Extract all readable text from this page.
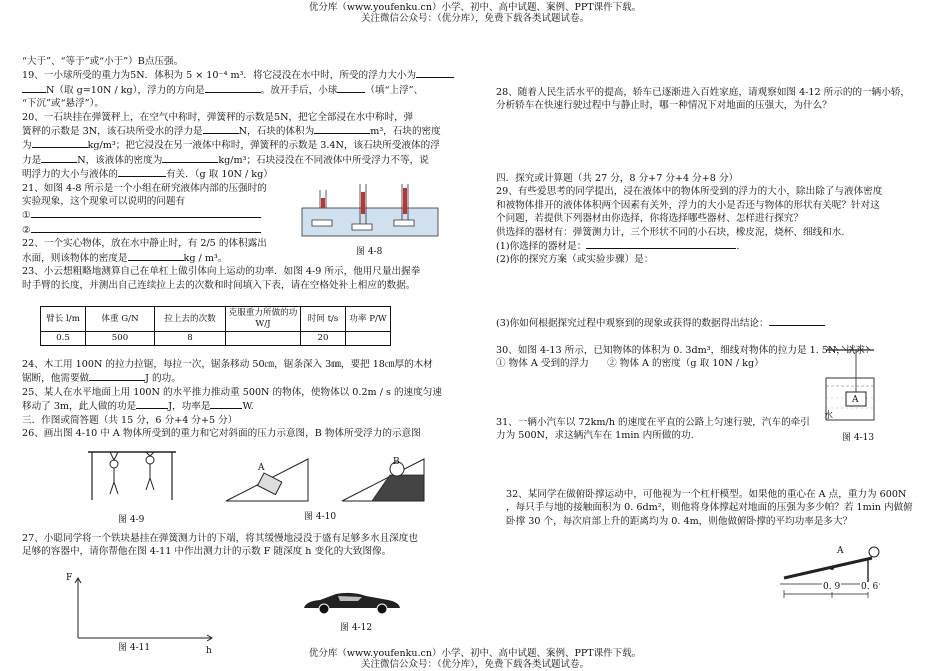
优分库（www.youfenku.cn）小学、初中、高中试题、案例、PPT课件下载。
关注微信公众号：（优分库），免费下载各类试题试卷。

“大于”、“等于”或“小于”）B点压强。

19、一小球所受的重力为5N．体积为 5 × 10⁻⁴ m³．将它浸没在水中时，所受的浮力大小为

N（取 g=10N / kg），浮力的方向是	。放开手后，小球	（填“上浮”、

“下沉”或“悬浮”）。

20、一石块挂在弹簧秤上，在空气中称时，弹簧秤的示数是5N，把它全部浸在水中称时，弹

簧秤的示数是 3N，该石块所受水的浮力是	N，石块的体积为	m³，石块的密度

为	kg/m³；把它浸没在另一液体中称时，弹簧秤的示数是 3.4N，该石块所受液体的浮

力是	N，该液体的密度为	kg/m³；石块浸没在不同液体中所受浮力不等，说

明浮力的大小与液体的	有关．（g 取 10N / kg）

21、如图 4-8 所示是一个小组在研究液体内部的压强时的

实验现象，这个现象可以说明的问题有

①

②

22、一个实心物体，放在水中静止时，有 2/5 的体积露出

水面，则该物体的密度是	kg / m³。

23、小云想粗略地测算自己在单杠上做引体向上运动的功率．如图 4-9 所示，他用尺量出握拳

时手臂的长度，并测出自己连续拉上去的次数和时间填入下表，请在空格处补上相应的数据。

图 4-8
臂长 l/m	体重 G/N	拉上去的次数	克服重力所做的功 W/J	时间 t/s	功率 P/W
0.5	500	8		20	

24、木工用 100N 的拉力拉锯，每拉一次，锯条移动 50㎝，锯条深入 3㎜，要把 18㎝厚的木材

锯断，他需要做	J 的功。

25、某人在水平地面上用 100N 的水平推力推动重 500N 的物体，使物体以 0.2m / s 的速度匀速

移动了 3m，此人做的功是	J，功率是	W.

三．作图或简答题（共 15 分，6 分+4 分+5 分）

26、画出图 4-10 中 A 物体所受到的重力和它对斜面的压力示意图，B 物体所受浮力的示意图

图 4-9
A
B
图 4-10

27、小聪同学将一个铁块悬挂在弹簧测力计的下端，将其缓慢地浸没于盛有足够多水且深度也

足够的容器中，请你帮他在图 4-11 中作出测力计的示数 F 随深度 h 变化的大致图像。

F
h
图 4-11
图 4-12

28、随着人民生活水平的提高，轿车已逐渐进入百姓家庭，请观察如图 4-12 所示的的一辆小轿，

分析轿车在快速行驶过程中与静止时，哪一种情况下对地面的压强大，为什么？

四．探究或计算题（共 27 分，8 分+7 分+4 分+8 分）

29、有些爱思考的同学提出，浸在液体中的物体所受到的浮力的大小，除出除了与液体密度

和被物体排开的液体体积两个因素有关外，浮力的大小是否还与物体的形状有关呢？针对这

个问题，若提供下列器材由你选择，你将选择哪些器材、怎样进行探究？

供选择的器材有：弹簧测力计，三个形状不同的小石块，橡皮泥，烧杯、细线和水.

(1)你选择的器材是：	.

(2)你的探究方案（或实验步骤）是：

(3)你如何根据探究过程中观察到的现象或获得的数据得出结论：

30、如图 4-13 所示，已知物体的体积为 0. 3dm³，细线对物体的拉力是 1. 5N，试求：

① 物体 A 受到的浮力 ② 物体 A 的密度（g 取 10N / kg）

A
水
图 4-13

31、一辆小汽车以 72km/h 的速度在平直的公路上匀速行驶，汽车的牵引

力为 500N，求这辆汽车在 1min 内所做的功.

32、某同学在做俯卧撑运动中，可他视为一个杠杆模型。如果他的重心在 A 点，重力为 600N

，每只手与地的接触面积为 0. 6dm²，则他将身体撑起对地面的压强为多少帕？若 1min 内做俯

卧撑 30 个，每次肩部上升的距离均为 0. 4m，则他做俯卧撑的平均功率是多大？

A
0. 9 0. 6
优分库（www.youfenku.cn）小学、初中、高中试题、案例、PPT课件下载。
关注微信公众号：（优分库），免费下载各类试题试卷。
